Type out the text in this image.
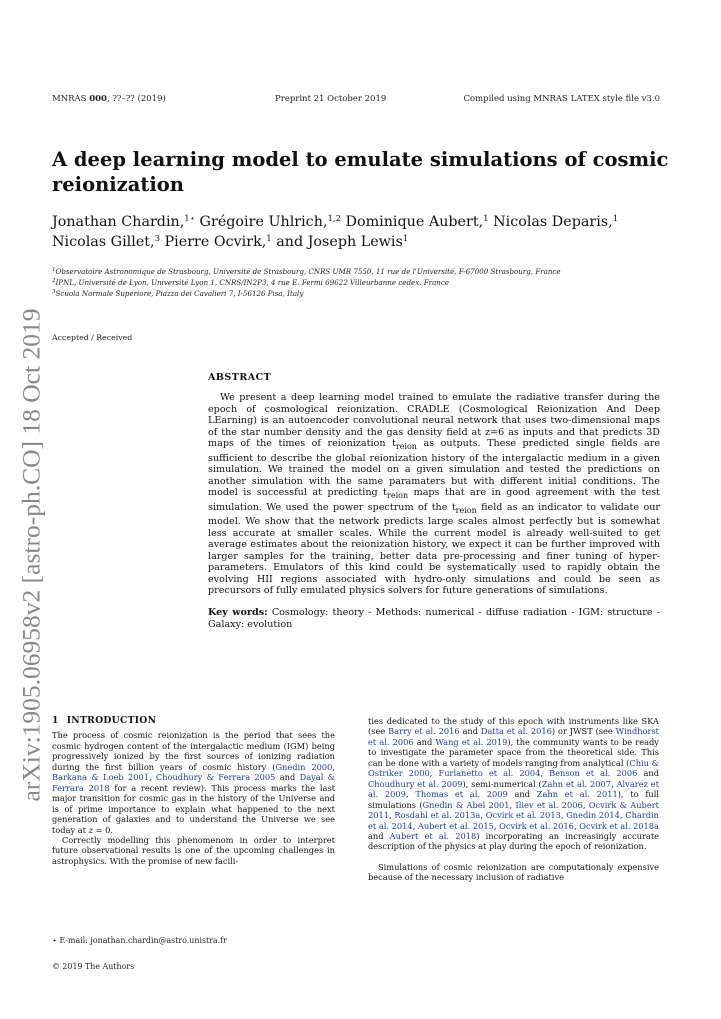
MNRAS 000, ??–?? (2019)	Preprint 21 October 2019	Compiled using MNRAS LATEX style file v3.0
arXiv:1905.06958v2 [astro-ph.CO] 18 Oct 2019
A deep learning model to emulate simulations of cosmic reionization
Jonathan Chardin,$^{1⋆}$ Grégoire Uhlrich,$^{1,2}$ Dominique Aubert,$^1$ Nicolas Deparis,$^1$
Nicolas Gillet,$^3$ Pierre Ocvirk,$^1$ and Joseph Lewis$^1$
$^1$Observatoire Astronomique de Strasbourg, Université de Strasbourg, CNRS UMR 7550, 11 rue de l'Université, F-67000 Strasbourg, France
$^2$IPNL, Université de Lyon, Université Lyon 1, CNRS/IN2P3, 4 rue E. Fermi 69622 Villeurbanne cedex, France
$^3$Scuola Normale Superiore, Piazza dei Cavalieri 7, I-56126 Pisa, Italy
Accepted / Received
ABSTRACT
We present a deep learning model trained to emulate the radiative transfer during the epoch of cosmological reionization. CRADLE (Cosmological Reionization And Deep LEarning) is an autoencoder convolutional neural network that uses two-dimensional maps of the star number density and the gas density field at z=6 as inputs and that predicts 3D maps of the times of reionization $t_{reion}$ as outputs. These predicted single fields are sufficient to describe the global reionization history of the intergalactic medium in a given simulation. We trained the model on a given simulation and tested the predictions on another simulation with the same paramaters but with different initial conditions. The model is successful at predicting $t_{reion}$ maps that are in good agreement with the test simulation. We used the power spectrum of the $t_{reion}$ field as an indicator to validate our model. We show that the network predicts large scales almost perfectly but is somewhat less accurate at smaller scales. While the current model is already well-suited to get average estimates about the reionization history, we expect it can be further improved with larger samples for the training, better data pre-processing and finer tuning of hyper-parameters. Emulators of this kind could be systematically used to rapidly obtain the evolving HII regions associated with hydro-only simulations and could be seen as precursors of fully emulated physics solvers for future generations of simulations.
Key words: Cosmology: theory - Methods: numerical - diffuse radiation - IGM: structure - Galaxy: evolution
1 INTRODUCTION

The process of cosmic reionization is the period that sees the cosmic hydrogen content of the intergalactic medium (IGM) being progressively ionized by the first sources of ionizing radiation during the first billion years of cosmic history (Gnedin 2000, Barkana & Loeb 2001, Choudhury & Ferrara 2005 and Dayal & Ferrara 2018 for a recent review). This process marks the last major transition for cosmic gas in the history of the Universe and is of prime importance to explain what happened to the next generation of galaxies and to understand the Universe we see today at z = 0.

Correctly modelling this phenomenom in order to interpret future observational results is one of the upcoming challenges in astrophysics. With the promise of new facili-

ties dedicated to the study of this epoch with instruments like SKA (see Barry et al. 2016 and Datta et al. 2016) or JWST (see Windhorst et al. 2006 and Wang et al. 2019), the community wants to be ready to investigate the parameter space from the theoretical side. This can be done with a variety of models ranging from analytical (Chiu & Ostriker 2000, Furlanetto et al. 2004, Benson et al. 2006 and Choudhury et al. 2009), semi-numerical (Zahn et al. 2007, Alvarez et al. 2009, Thomas et al. 2009 and Zahn et al. 2011), to full simulations (Gnedin & Abel 2001, Iliev et al. 2006, Ocvirk & Aubert 2011, Rosdahl et al. 2013a, Ocvirk et al. 2013, Gnedin 2014, Chardin et al. 2014, Aubert et al. 2015, Ocvirk et al. 2016, Ocvirk et al. 2018a and Aubert et al. 2018) incorporating an increasingly accurate description of the physics at play during the epoch of reionization.

Simulations of cosmic reionization are computationaly expensive because of the necessary inclusion of radiative

⋆ E-mail: jonathan.chardin@astro.unistra.fr
© 2019 The Authors
